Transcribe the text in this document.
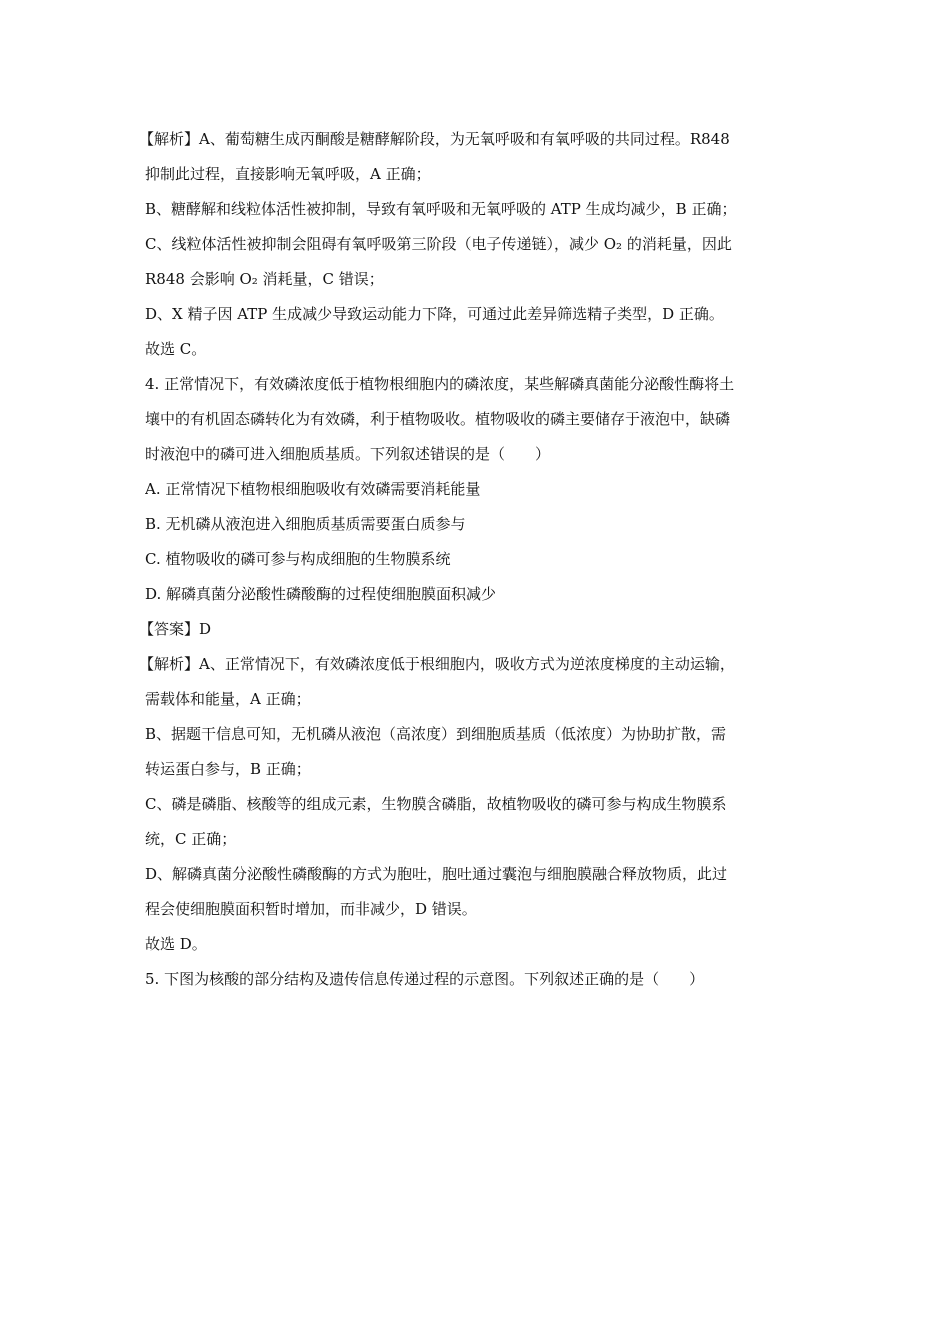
【解析】A、葡萄糖生成丙酮酸是糖酵解阶段，为无氧呼吸和有氧呼吸的共同过程。R848
抑制此过程，直接影响无氧呼吸，A 正确；
B、糖酵解和线粒体活性被抑制，导致有氧呼吸和无氧呼吸的 ATP 生成均减少，B 正确；
C、线粒体活性被抑制会阻碍有氧呼吸第三阶段（电子传递链），减少 O₂ 的消耗量，因此
R848 会影响 O₂ 消耗量，C 错误；
D、X 精子因 ATP 生成减少导致运动能力下降，可通过此差异筛选精子类型，D 正确。
故选 C。
4. 正常情况下，有效磷浓度低于植物根细胞内的磷浓度，某些解磷真菌能分泌酸性酶将土
壤中的有机固态磷转化为有效磷，利于植物吸收。植物吸收的磷主要储存于液泡中，缺磷
时液泡中的磷可进入细胞质基质。下列叙述错误的是（　　）
A. 正常情况下植物根细胞吸收有效磷需要消耗能量
B. 无机磷从液泡进入细胞质基质需要蛋白质参与
C. 植物吸收的磷可参与构成细胞的生物膜系统
D. 解磷真菌分泌酸性磷酸酶的过程使细胞膜面积减少
【答案】D
【解析】A、正常情况下，有效磷浓度低于根细胞内，吸收方式为逆浓度梯度的主动运输，
需载体和能量，A 正确；
B、据题干信息可知，无机磷从液泡（高浓度）到细胞质基质（低浓度）为协助扩散，需
转运蛋白参与，B 正确；
C、磷是磷脂、核酸等的组成元素，生物膜含磷脂，故植物吸收的磷可参与构成生物膜系
统，C 正确；
D、解磷真菌分泌酸性磷酸酶的方式为胞吐，胞吐通过囊泡与细胞膜融合释放物质，此过
程会使细胞膜面积暂时增加，而非减少，D 错误。
故选 D。
5. 下图为核酸的部分结构及遗传信息传递过程的示意图。下列叙述正确的是（　　）
